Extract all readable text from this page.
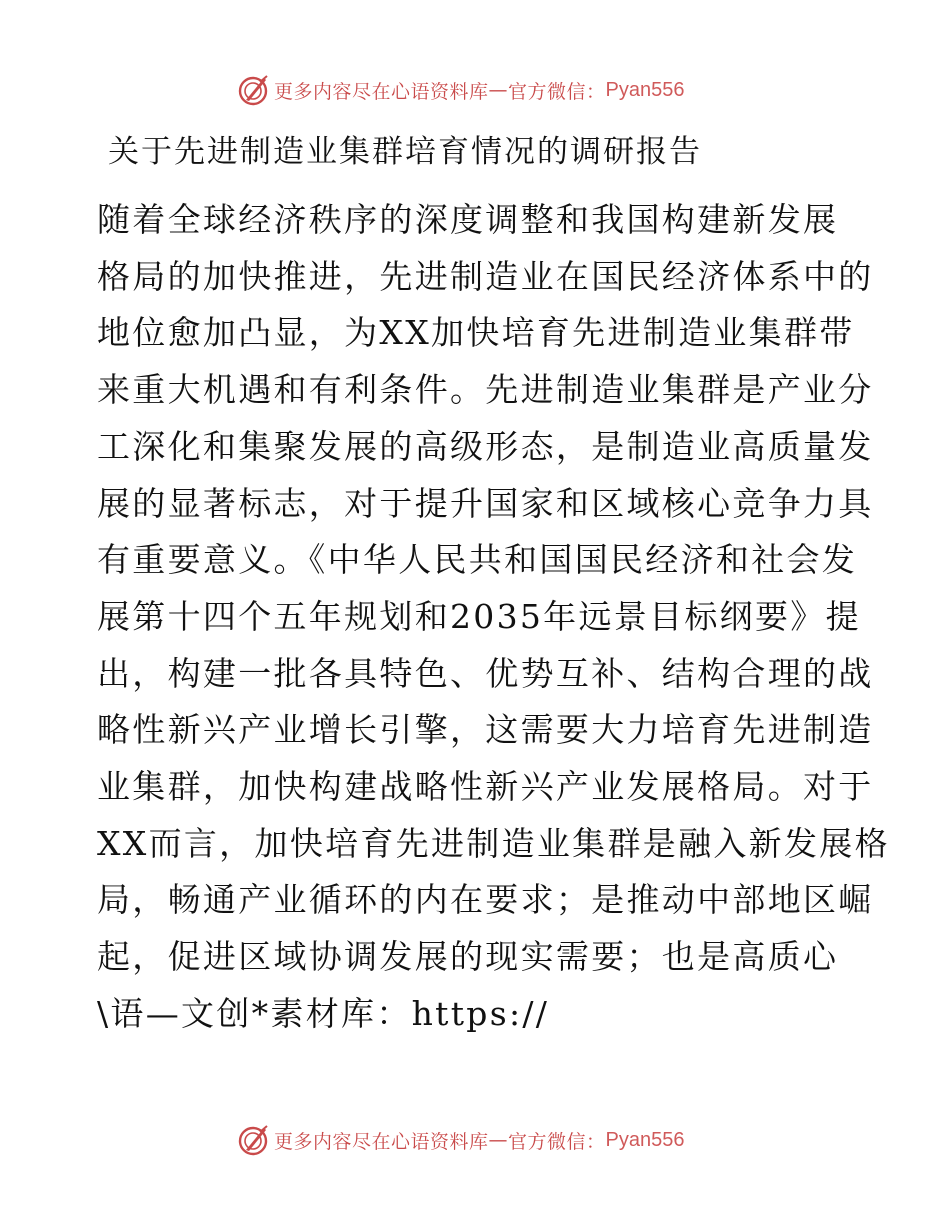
更多内容尽在心语资料库 — 官方微信： Pyan556
关于先进制造业集群培育情况的调研报告
随着全球经济秩序的深度调整和我国构建新发展
格局的加快推进，先进制造业在国民经济体系中的
地位愈加凸显，为XX加快培育先进制造业集群带
来重大机遇和有利条件。先进制造业集群是产业分
工深化和集聚发展的高级形态，是制造业高质量发
展的显著标志，对于提升国家和区域核心竞争力具
有重要意义。《中华人民共和国国民经济和社会发
展第十四个五年规划和2035年远景目标纲要》提
出，构建一批各具特色、优势互补、结构合理的战
略性新兴产业增长引擎，这需要大力培育先进制造
业集群，加快构建战略性新兴产业发展格局。对于
XX而言，加快培育先进制造业集群是融入新发展格
局，畅通产业循环的内在要求；是推动中部地区崛
起，促进区域协调发展的现实需要；也是高质心
\语—文创*素材库：https://
更多内容尽在心语资料库 — 官方微信： Pyan556
